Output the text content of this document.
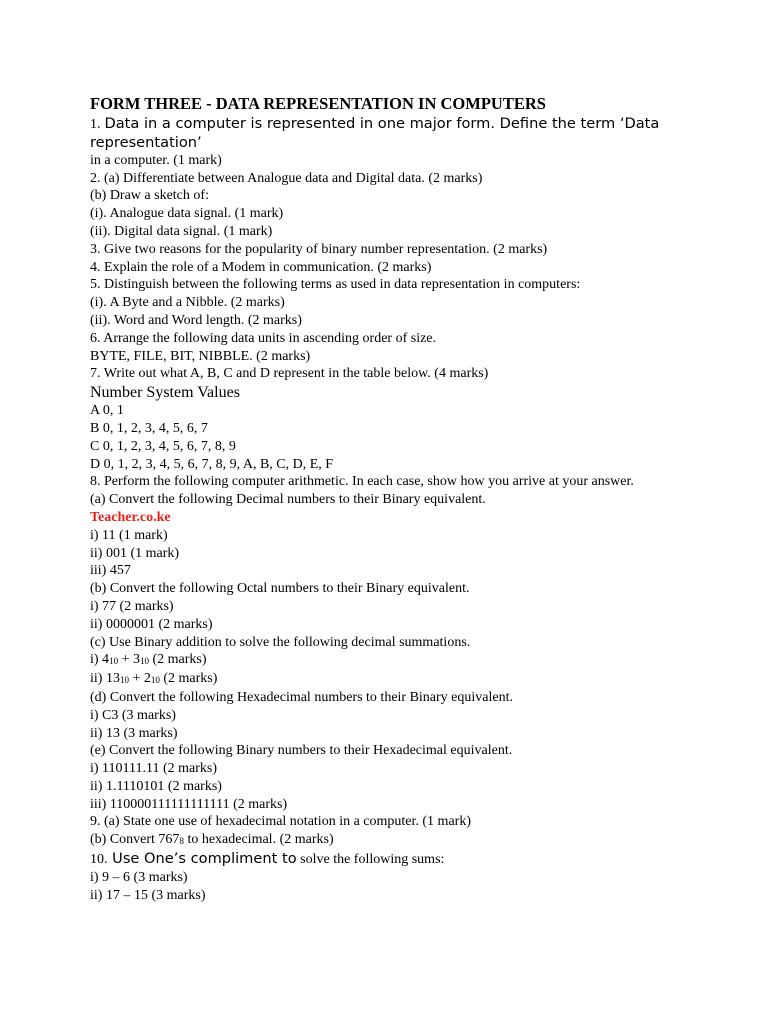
FORM THREE - DATA REPRESENTATION IN COMPUTERS
1. Data in a computer is represented in one major form. Define the term ‘Data representation’
in a computer. (1 mark)
2. (a) Differentiate between Analogue data and Digital data. (2 marks)
(b) Draw a sketch of:
(i). Analogue data signal. (1 mark)
(ii). Digital data signal. (1 mark)
3. Give two reasons for the popularity of binary number representation. (2 marks)
4. Explain the role of a Modem in communication. (2 marks)
5. Distinguish between the following terms as used in data representation in computers:
(i). A Byte and a Nibble. (2 marks)
(ii). Word and Word length. (2 marks)
6. Arrange the following data units in ascending order of size.
BYTE, FILE, BIT, NIBBLE. (2 marks)
7. Write out what A, B, C and D represent in the table below. (4 marks)
Number System Values
A 0, 1
B 0, 1, 2, 3, 4, 5, 6, 7
C 0, 1, 2, 3, 4, 5, 6, 7, 8, 9
D 0, 1, 2, 3, 4, 5, 6, 7, 8, 9, A, B, C, D, E, F
8. Perform the following computer arithmetic. In each case, show how you arrive at your answer.
(a) Convert the following Decimal numbers to their Binary equivalent.
Teacher.co.ke
i) 11 (1 mark)
ii) 001 (1 mark)
iii) 457
(b) Convert the following Octal numbers to their Binary equivalent.
i) 77 (2 marks)
ii) 0000001 (2 marks)
(c) Use Binary addition to solve the following decimal summations.
i) $4_{10} + 3_{10}$ (2 marks)
ii) $13_{10} + 2_{10}$ (2 marks)
(d) Convert the following Hexadecimal numbers to their Binary equivalent.
i) C3 (3 marks)
ii) 13 (3 marks)
(e) Convert the following Binary numbers to their Hexadecimal equivalent.
i) 110111.11 (2 marks)
ii) 1.1110101 (2 marks)
iii) 110000111111111111 (2 marks)
9. (a) State one use of hexadecimal notation in a computer. (1 mark)
(b) Convert $767_8$ to hexadecimal. (2 marks)
10. Use One’s compliment to solve the following sums:
i) 9 – 6 (3 marks)
ii) 17 – 15 (3 marks)
